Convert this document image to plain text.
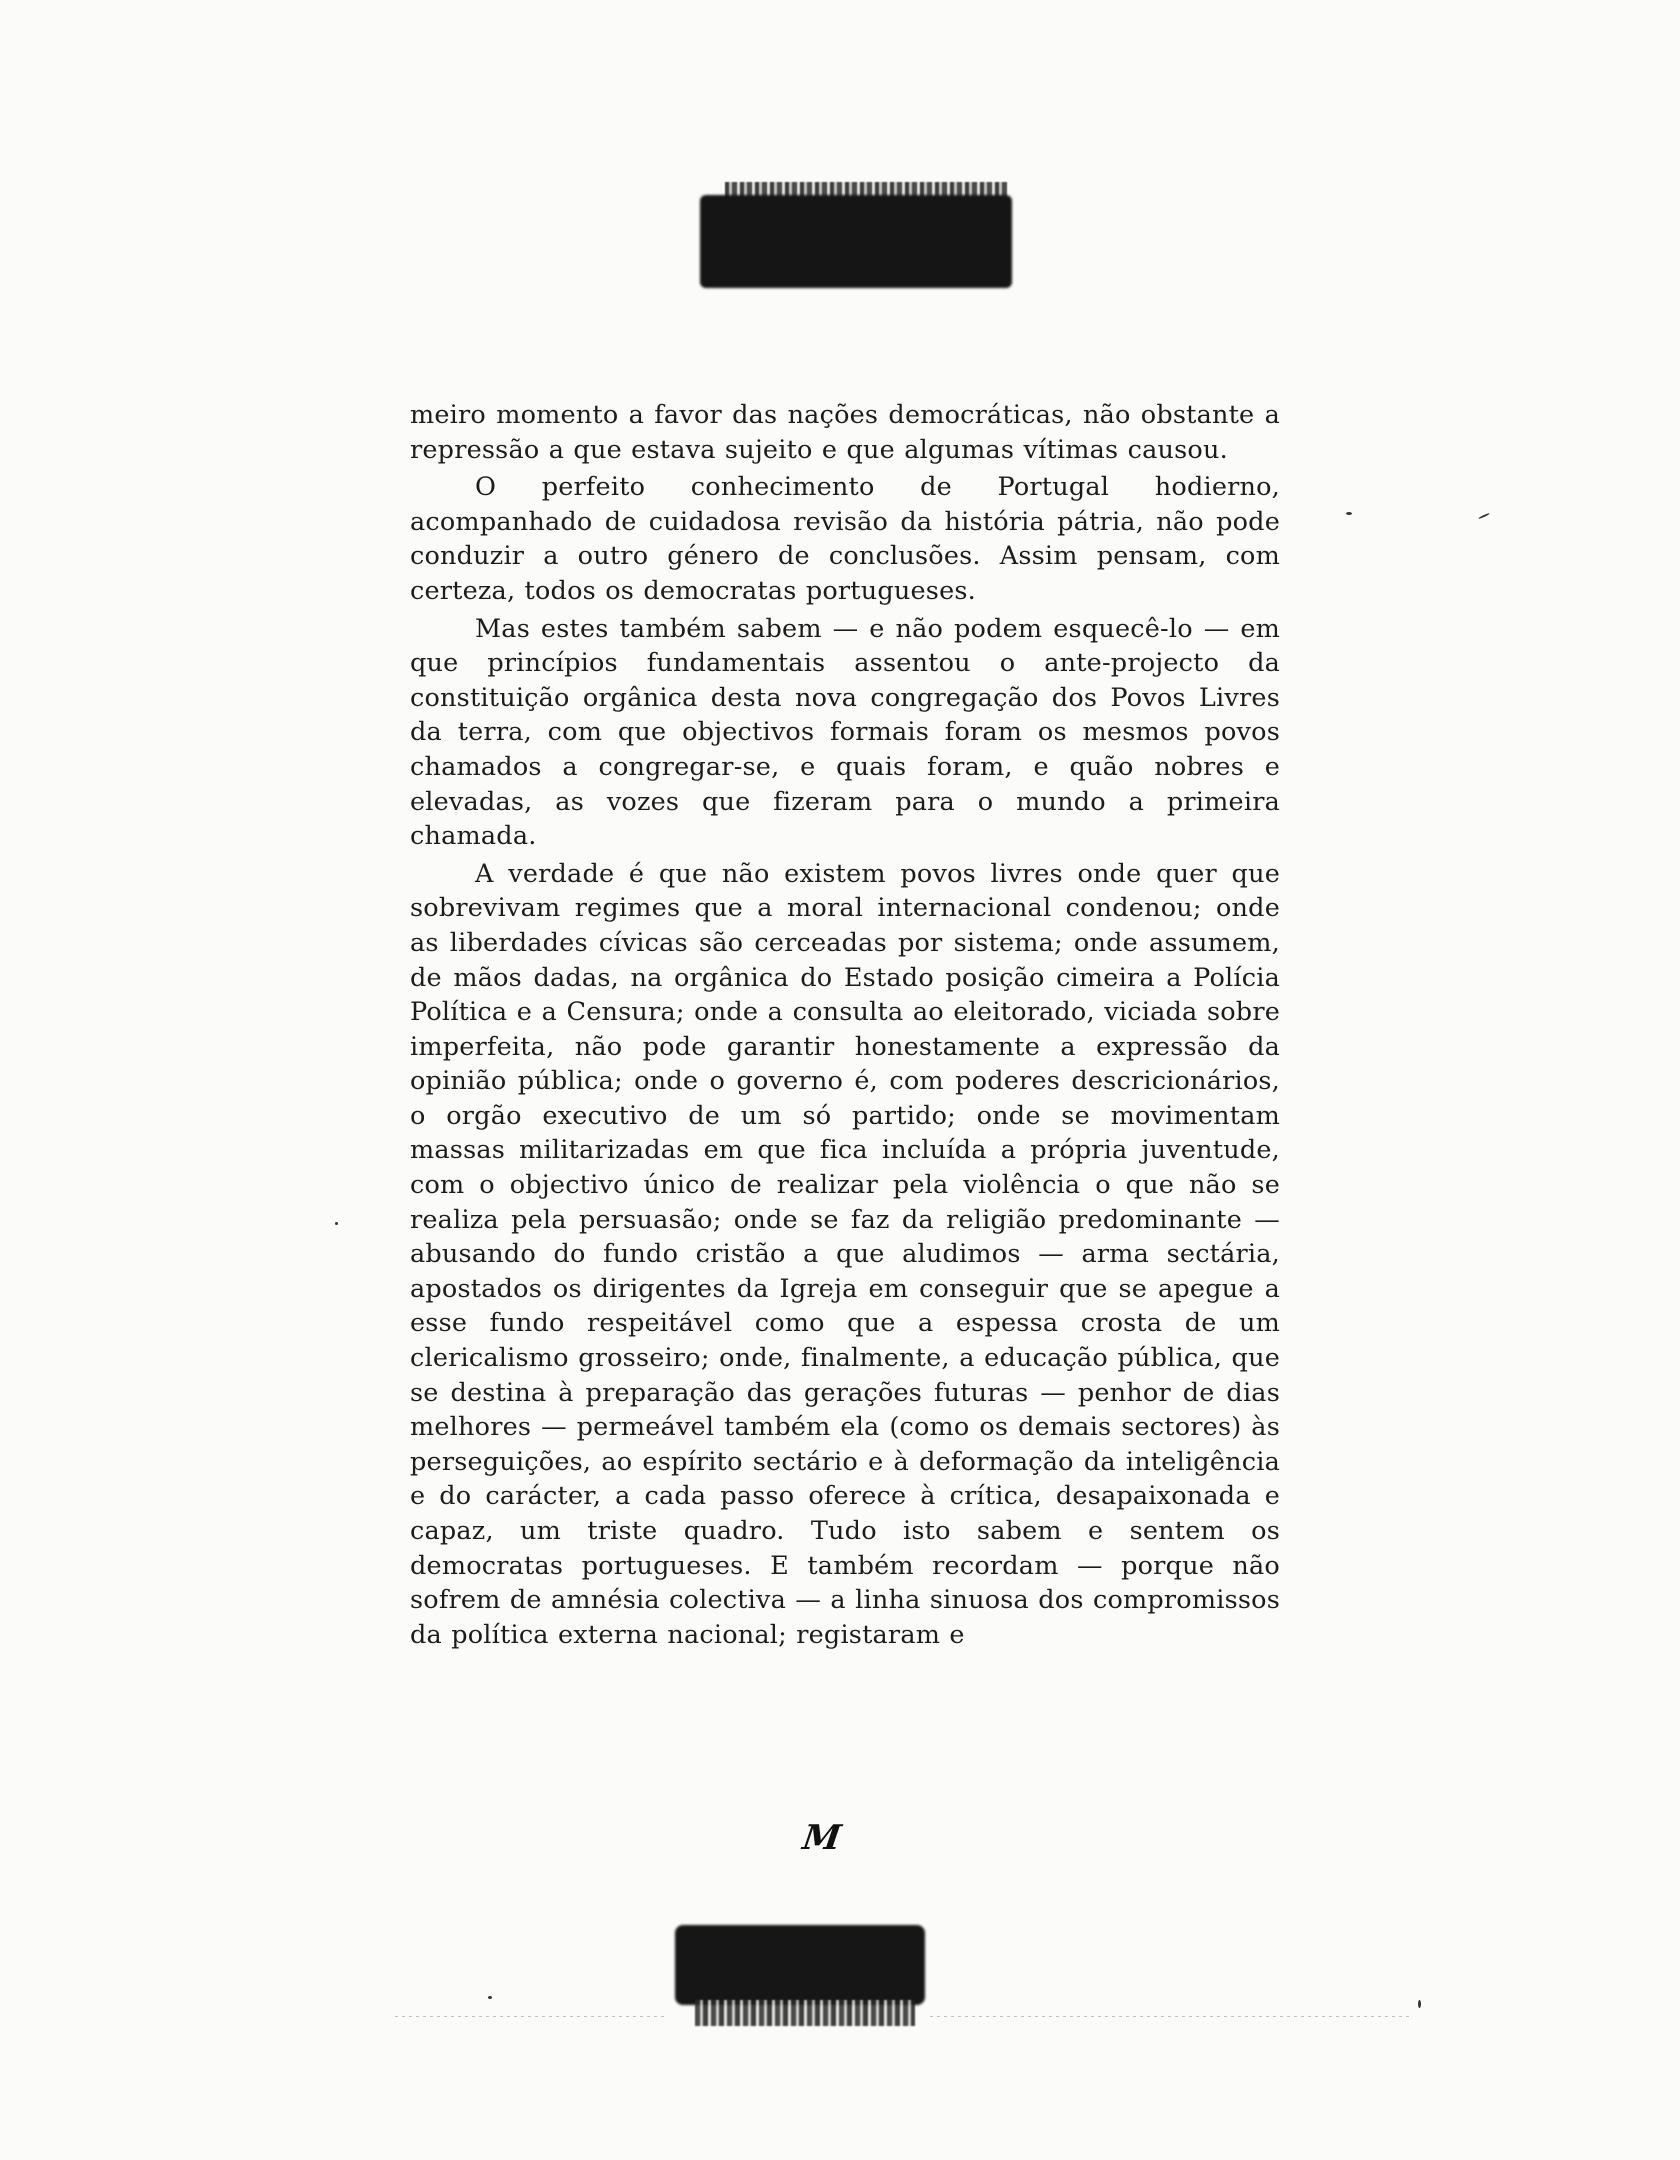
meiro momento a favor das nações democráticas, não obstante a repressão a que estava sujeito e que algumas vítimas causou.

O perfeito conhecimento de Portugal hodierno, acompanhado de cuidadosa revisão da história pátria, não pode conduzir a outro género de conclusões. Assim pensam, com certeza, todos os democratas portugueses.

Mas estes também sabem — e não podem esquecê-lo — em que princípios fundamentais assentou o ante-projecto da constituição orgânica desta nova congregação dos Povos Livres da terra, com que objectivos formais foram os mesmos povos chamados a congregar-se, e quais foram, e quão nobres e elevadas, as vozes que fizeram para o mundo a primeira chamada.

A verdade é que não existem povos livres onde quer que sobrevivam regimes que a moral internacional condenou; onde as liberdades cívicas são cerceadas por sistema; onde assumem, de mãos dadas, na orgânica do Estado posição cimeira a Polícia Política e a Censura; onde a consulta ao eleitorado, viciada sobre imperfeita, não pode garantir honestamente a expressão da opinião pública; onde o governo é, com poderes descricionários, o orgão executivo de um só partido; onde se movimentam massas militarizadas em que fica incluída a própria juventude, com o objectivo único de realizar pela violência o que não se realiza pela persuasão; onde se faz da religião predominante — abusando do fundo cristão a que aludimos — arma sectária, apostados os dirigentes da Igreja em conseguir que se apegue a esse fundo respeitável como que a espessa crosta de um clericalismo grosseiro; onde, finalmente, a educação pública, que se destina à preparação das gerações futuras — penhor de dias melhores — permeável também ela (como os demais sectores) às perseguições, ao espírito sectário e à deformação da inteligência e do carácter, a cada passo oferece à crítica, desapaixonada e capaz, um triste quadro. Tudo isto sabem e sentem os democratas portugueses. E também recordam — porque não sofrem de amnésia colectiva — a linha sinuosa dos compromissos da política externa nacional; registaram e

M
